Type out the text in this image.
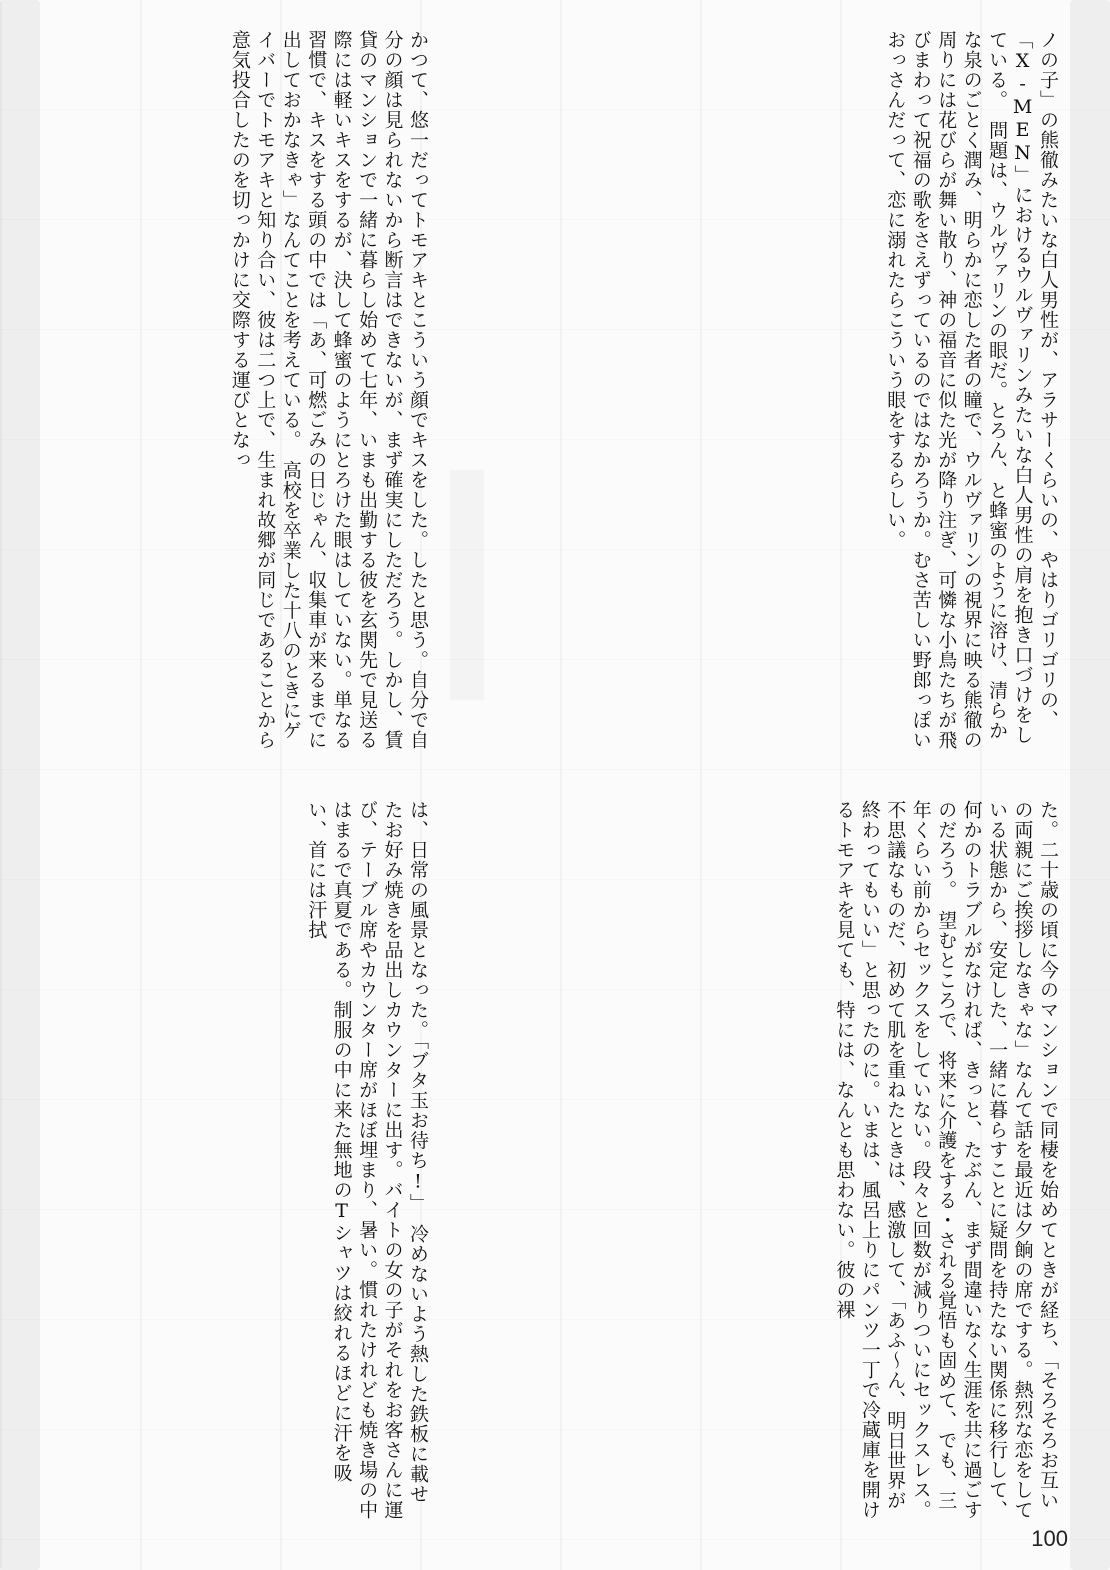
かつて、悠一だってトモアキとこういう顔でキスをした。したと思う。自分で自分の顔は見られないから断言はできないが、まず確実にしただろう。しかし、賃貸のマンションで一緒に暮らし始めて七年、いまも出勤する彼を玄関先で見送る際には軽いキスをするが、決して蜂蜜のようにとろけた眼はしていない。単なる習慣で、キスをする頭の中では「あ、可燃ごみの日じゃん、収集車が来るまでに出しておかなきゃ」なんてことを考えている。　高校を卒業した十八のときにゲイバーでトモアキと知り合い、彼は二つ上で、生まれ故郷が同じであることから意気投合したのを切っかけに交際する運びとなっ	ノの子」の熊徹みたいな白人男性が、アラサーくらいの、やはりゴリゴリの、「X-MEN」におけるウルヴァリンみたいな白人男性の肩を抱き口づけをしている。　問題は、ウルヴァリンの眼だ。とろん、と蜂蜜のように溶け、清らかな泉のごとく潤み、明らかに恋した者の瞳で、ウルヴァリンの視界に映る熊徹の周りには花びらが舞い散り、神の福音に似た光が降り注ぎ、可憐な小鳥たちが飛びまわって祝福の歌をさえずっているのではなかろうか。むさ苦しい野郎っぽいおっさんだって、恋に溺れたらこういう眼をするらしい。
は、日常の風景となった。「ブタ玉お待ち!」　冷めないよう熱した鉄板に載せたお好み焼きを品出しカウンターに出す。バイトの女の子がそれをお客さんに運び、テーブル席やカウンター席がほぼ埋まり、暑い。慣れたけれども焼き場の中はまるで真夏である。制服の中に来た無地のTシャツは絞れるほどに汗を吸い、首には汗拭	た。二十歳の頃に今のマンションで同棲を始めてときが経ち、「そろそろお互いの両親にご挨拶しなきゃな」なんて話を最近は夕餉の席でする。熱烈な恋をしている状態から、安定した、一緒に暮らすことに疑問を持たない関係に移行して、何かのトラブルがなければ、きっと、たぶん、まず間違いなく生涯を共に過ごすのだろう。　望むところで、将来に介護をする・される覚悟も固めて、でも、三年くらい前からセックスをしていない。段々と回数が減りついにセックスレス。不思議なものだ、初めて肌を重ねたときは、感激して、「あふ〜ん、明日世界が終わってもいい」と思ったのに。いまは、風呂上りにパンツ一丁で冷蔵庫を開けるトモアキを見ても、特には、なんとも思わない。彼の裸
100
